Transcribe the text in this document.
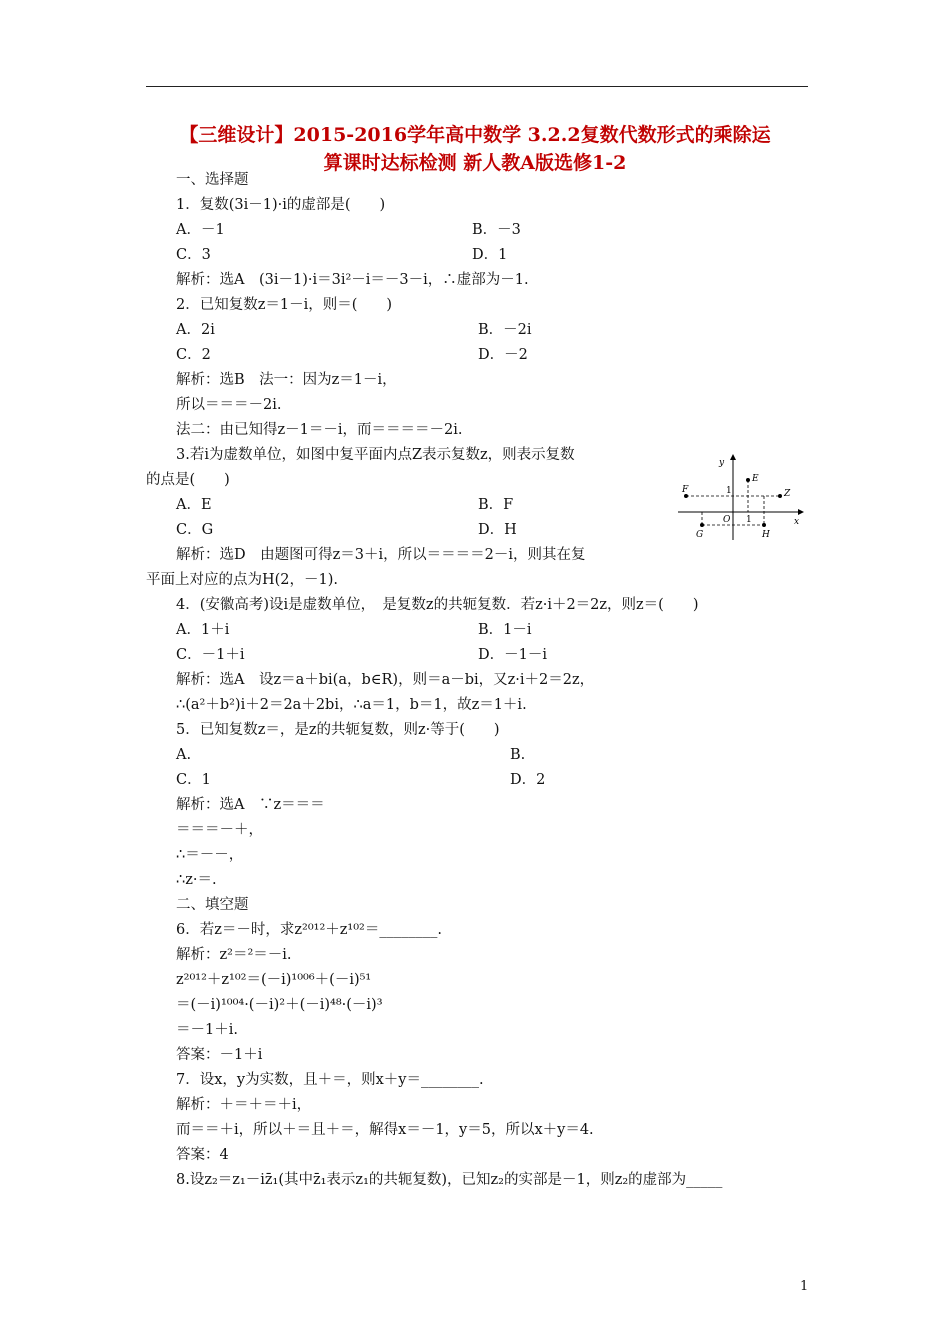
【三维设计】2015-2016学年高中数学 3.2.2复数代数形式的乘除运
算课时达标检测 新人教A版选修1-2
一、选择题
1．复数(3i－1)·i的虚部是(　　)
A．－1	B．－3
C．3	D．1
解析：选A　(3i－1)·i＝3i²－i＝－3－i，∴虚部为－1.
2．已知复数z＝1－i，则＝(　　)
A．2i	B．－2i
C．2	D．－2
解析：选B　法一：因为z＝1－i，
所以＝＝＝－2i.
法二：由已知得z－1＝－i，而＝＝＝＝－2i.
3.若i为虚数单位，如图中复平面内点Z表示复数z，则表示复数
的点是(　　)
A．E	B．F
C．G	D．H
解析：选D　由题图可得z＝3＋i，所以＝＝＝＝2－i，则其在复
平面上对应的点为H(2，－1).
4．(安徽高考)设i是虚数单位，　是复数z的共轭复数．若z·i＋2＝2z，则z＝(　　)
A．1＋i	B．1－i
C．－1＋i	D．－1－i
解析：选A　设z＝a＋bi(a，b∈R)，则＝a－bi，又z·i＋2＝2z，
∴(a²＋b²)i＋2＝2a＋2bi，∴a＝1，b＝1，故z＝1＋i.
5．已知复数z＝，是z的共轭复数，则z·等于(　　)
A.	B.
C．1	D．2
解析：选A　∵z＝＝＝
＝＝＝－＋，
∴＝－－，
∴z·＝.
二、填空题
6．若z＝－时，求z²⁰¹²＋z¹⁰²＝________.
解析：z²＝²＝－i.
z²⁰¹²＋z¹⁰²＝(－i)¹⁰⁰⁶＋(－i)⁵¹
＝(－i)¹⁰⁰⁴·(－i)²＋(－i)⁴⁸·(－i)³
＝－1＋i.
答案：－1＋i
7．设x，y为实数，且＋＝，则x＋y＝________.
解析：＋＝＋＝＋i，
而＝＝＋i，所以＋＝且＋＝，解得x＝－1，y＝5，所以x＋y＝4.
答案：4
8.设z₂＝z₁－iz̄₁(其中z̄₁表示z₁的共轭复数)，已知z₂的实部是－1，则z₂的虚部为_____
y
x
O
1
1
E
F	Z
G	H
1
